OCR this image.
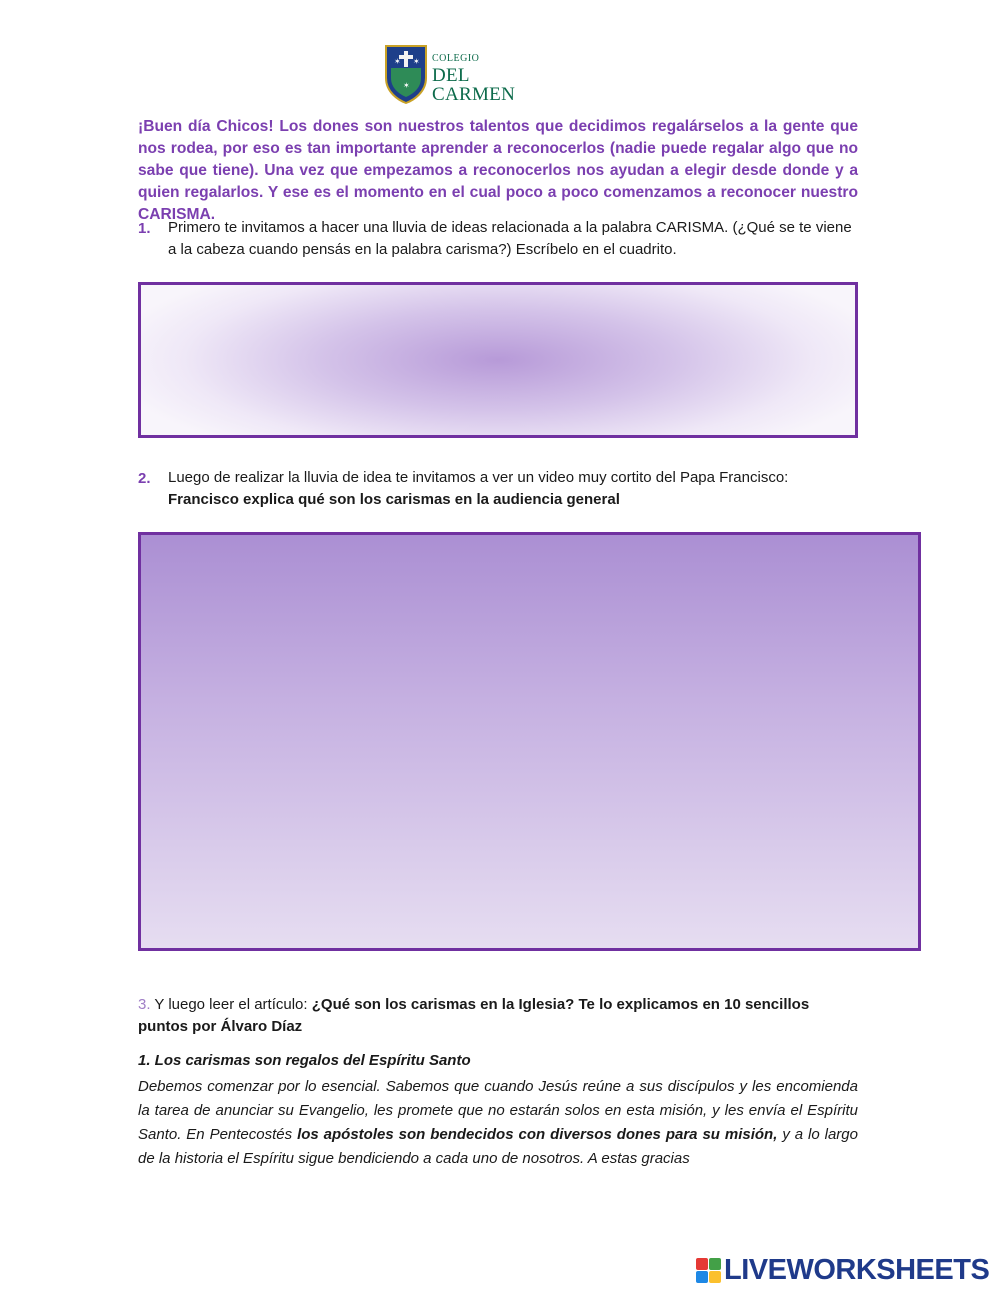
✶ ✶
✶
COLEGIO
DEL CARMEN

¡Buen día Chicos! Los dones son nuestros talentos que decidimos regalárselos a la gente que nos rodea, por eso es tan importante aprender a reconocerlos (nadie puede regalar algo que no sabe que tiene). Una vez que empezamos a reconocerlos nos ayudan a elegir desde donde y a quien regalarlos. Y ese es el momento en el cual poco a poco comenzamos a reconocer nuestro CARISMA.

1. Primero te invitamos a hacer una lluvia de ideas relacionada a la palabra CARISMA. (¿Qué se te viene a la cabeza cuando pensás en la palabra carisma?) Escríbelo en el cuadrito.
2. Luego de realizar la lluvia de idea te invitamos a ver un video muy cortito del Papa Francisco: Francisco explica qué son los carismas en la audiencia general
3. Y luego leer el artículo: ¿Qué son los carismas en la Iglesia? Te lo explicamos en 10 sencillos puntos por Álvaro Díaz
1. Los carismas son regalos del Espíritu Santo

Debemos comenzar por lo esencial. Sabemos que cuando Jesús reúne a sus discípulos y les encomienda la tarea de anunciar su Evangelio, les promete que no estarán solos en esta misión, y les envía el Espíritu Santo. En Pentecostés los apóstoles son bendecidos con diversos dones para su misión, y a lo largo de la historia el Espíritu sigue bendiciendo a cada uno de nosotros. A estas gracias

LIVEWORKSHEETS
